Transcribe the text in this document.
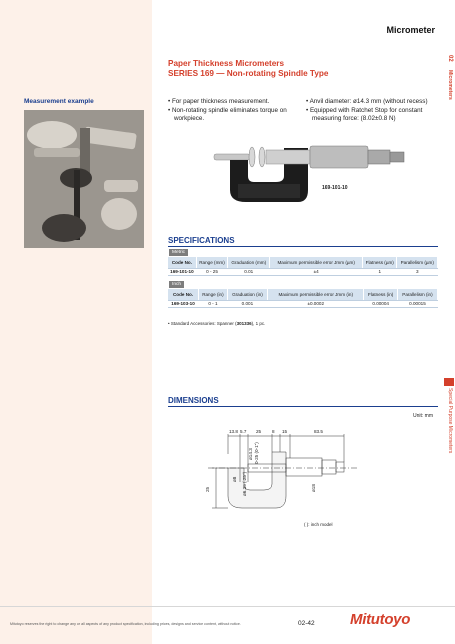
Micrometer
02
Micrometers
Special Purpose Micrometers
Paper Thickness Micrometers
SERIES 169 — Non-rotating Spindle Type
Measurement example	• For paper thickness measurement.
• Non-rotating spindle eliminates torque on workpiece.
• Anvil diameter: ø14.3 mm (without recess)
• Equipped with Ratchet Stop for constant measuring force: (8.02±0.8 N)
169-101-10
SPECIFICATIONS
Metric
Code No.	Range (mm)	Graduation (mm)	Maximum permissible error Jmm (µm)	Flatness (µm)	Parallelism (µm)
169-101-10	0 - 25	0.01	±4	1	3
Inch
Code No.	Range (in)	Graduation (in)	Maximum permissible error Jmm (in)	Flatness (in)	Parallelism (in)
169-103-10	0 - 1	0.001	±0.0002	0.00004	0.00015
• Standard Accessories: Spanner (301336), 1 pc.
DIMENSIONS
Unit: mm
13.8 5.7 25 8 15	83.5
25
ø8
ø18
ø14.3 0-25 (0-1")
ø6.35 (.25")
( ): inch model
Mitutoyo reserves the right to change any or all aspects of any product specification, including prices, designs and service content, without notice.	02-42 Mitutoyo
